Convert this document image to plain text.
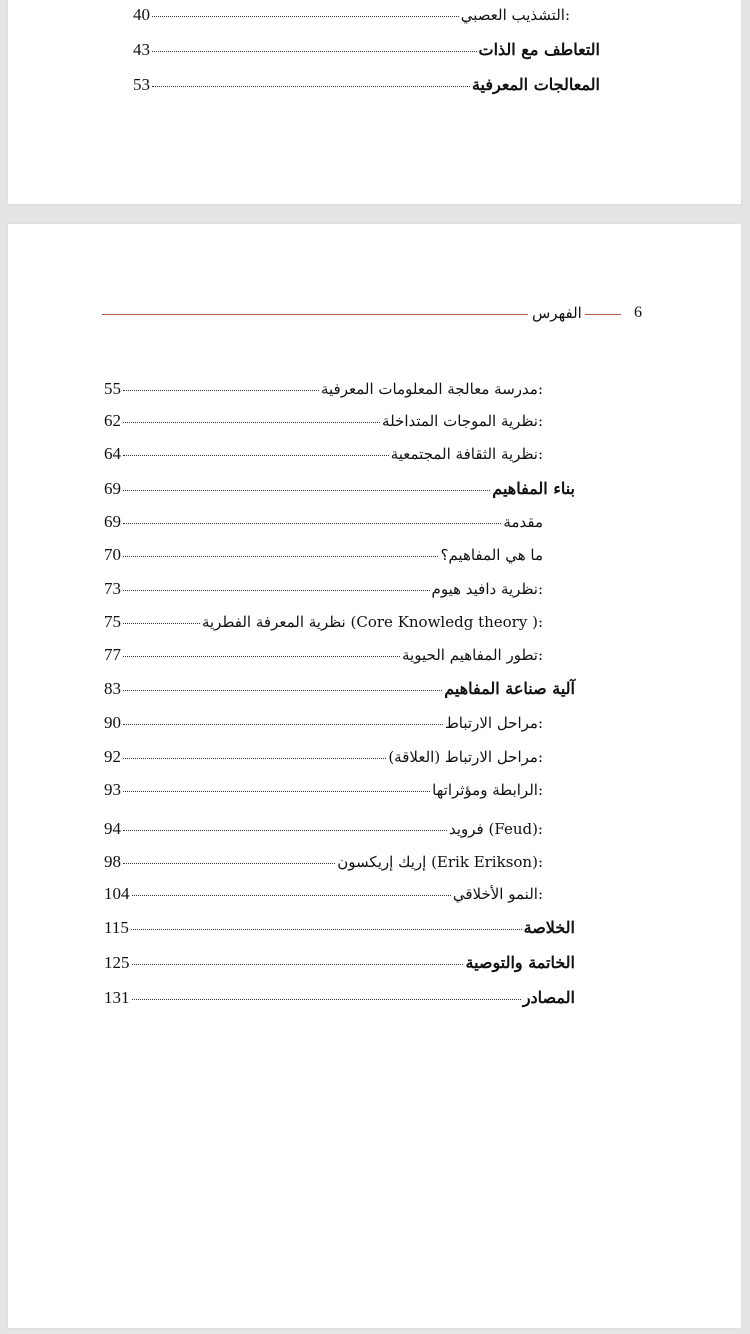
التشذيب العصبي:
40
التعاطف مع الذات
43
المعالجات المعرفية
53
الفهرس	6
مدرسة معالجة المعلومات المعرفية:
55
نظرية الموجات المتداخلة:
62
نظرية الثقافة المجتمعية:
64
بناء المفاهيم
69
مقدمة
69
ما هي المفاهيم؟
70
نظرية دافيد هيوم:
73
نظرية المعرفة الفطرية (Core Knowledg theory ):
75
تطور المفاهيم الحيوية:
77
آلية صناعة المفاهيم
83
مراحل الارتباط:
90
مراحل الارتباط (العلاقة):
92
الرابطة ومؤثراتها:
93
فرويد (Feud):
94
إريك إريكسون (Erik Erikson):
98
النمو الأخلاقي:
104
الخلاصة
115
الخاتمة والتوصية
125
المصادر
131
